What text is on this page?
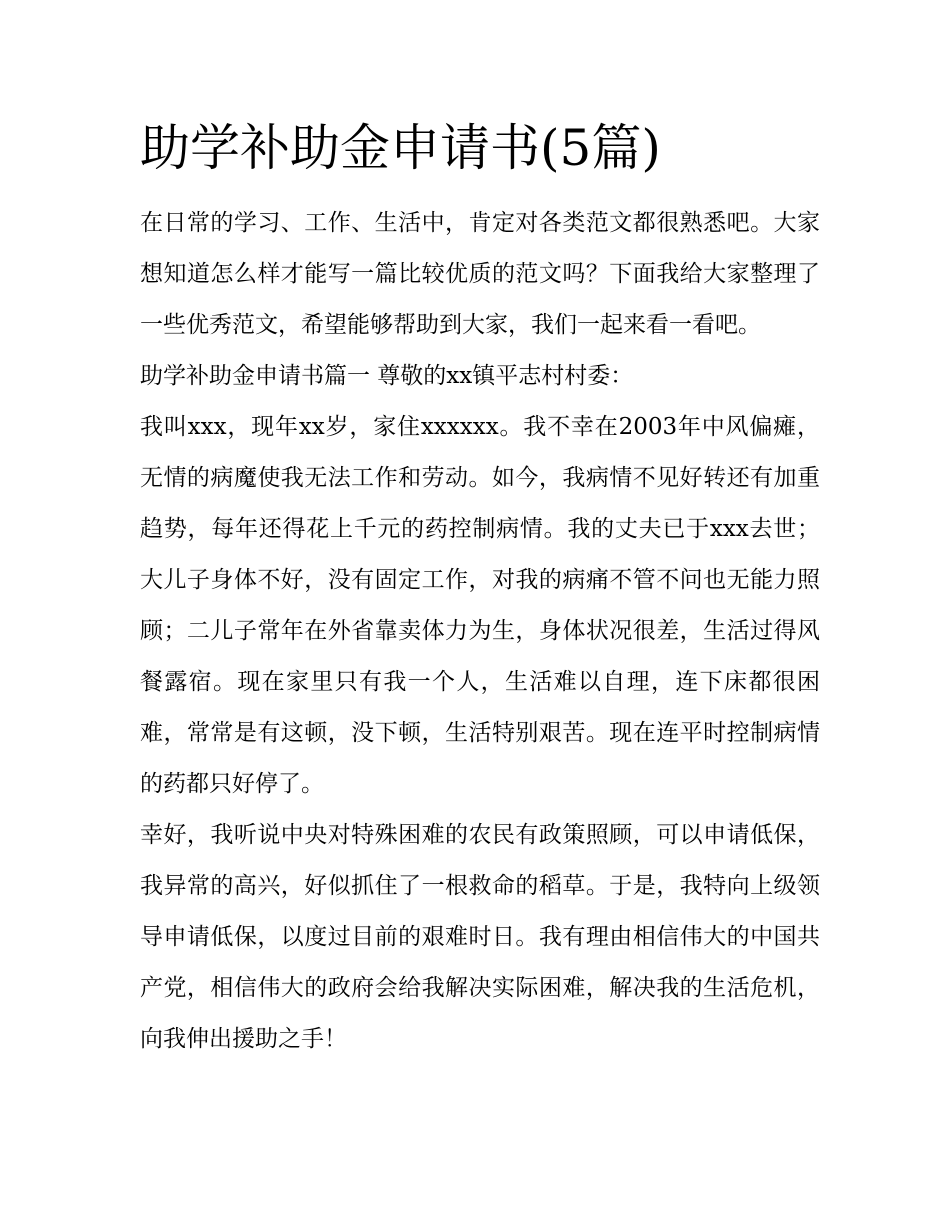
助学补助金申请书(5篇)

在日常的学习、工作、生活中，肯定对各类范文都很熟悉吧。大家想知道怎么样才能写一篇比较优质的范文吗？下面我给大家整理了一些优秀范文，希望能够帮助到大家，我们一起来看一看吧。

助学补助金申请书篇一 尊敬的xx镇平志村村委：

我叫xxx，现年xx岁，家住xxxxxx。我不幸在2003年中风偏瘫，无情的病魔使我无法工作和劳动。如今，我病情不见好转还有加重趋势，每年还得花上千元的药控制病情。我的丈夫已于xxx去世；大儿子身体不好，没有固定工作，对我的病痛不管不问也无能力照顾；二儿子常年在外省靠卖体力为生，身体状况很差，生活过得风餐露宿。现在家里只有我一个人，生活难以自理，连下床都很困难，常常是有这顿，没下顿，生活特别艰苦。现在连平时控制病情的药都只好停了。

幸好，我听说中央对特殊困难的农民有政策照顾，可以申请低保，我异常的高兴，好似抓住了一根救命的稻草。于是，我特向上级领导申请低保，以度过目前的艰难时日。我有理由相信伟大的中国共产党，相信伟大的政府会给我解决实际困难，解决我的生活危机，向我伸出援助之手！
